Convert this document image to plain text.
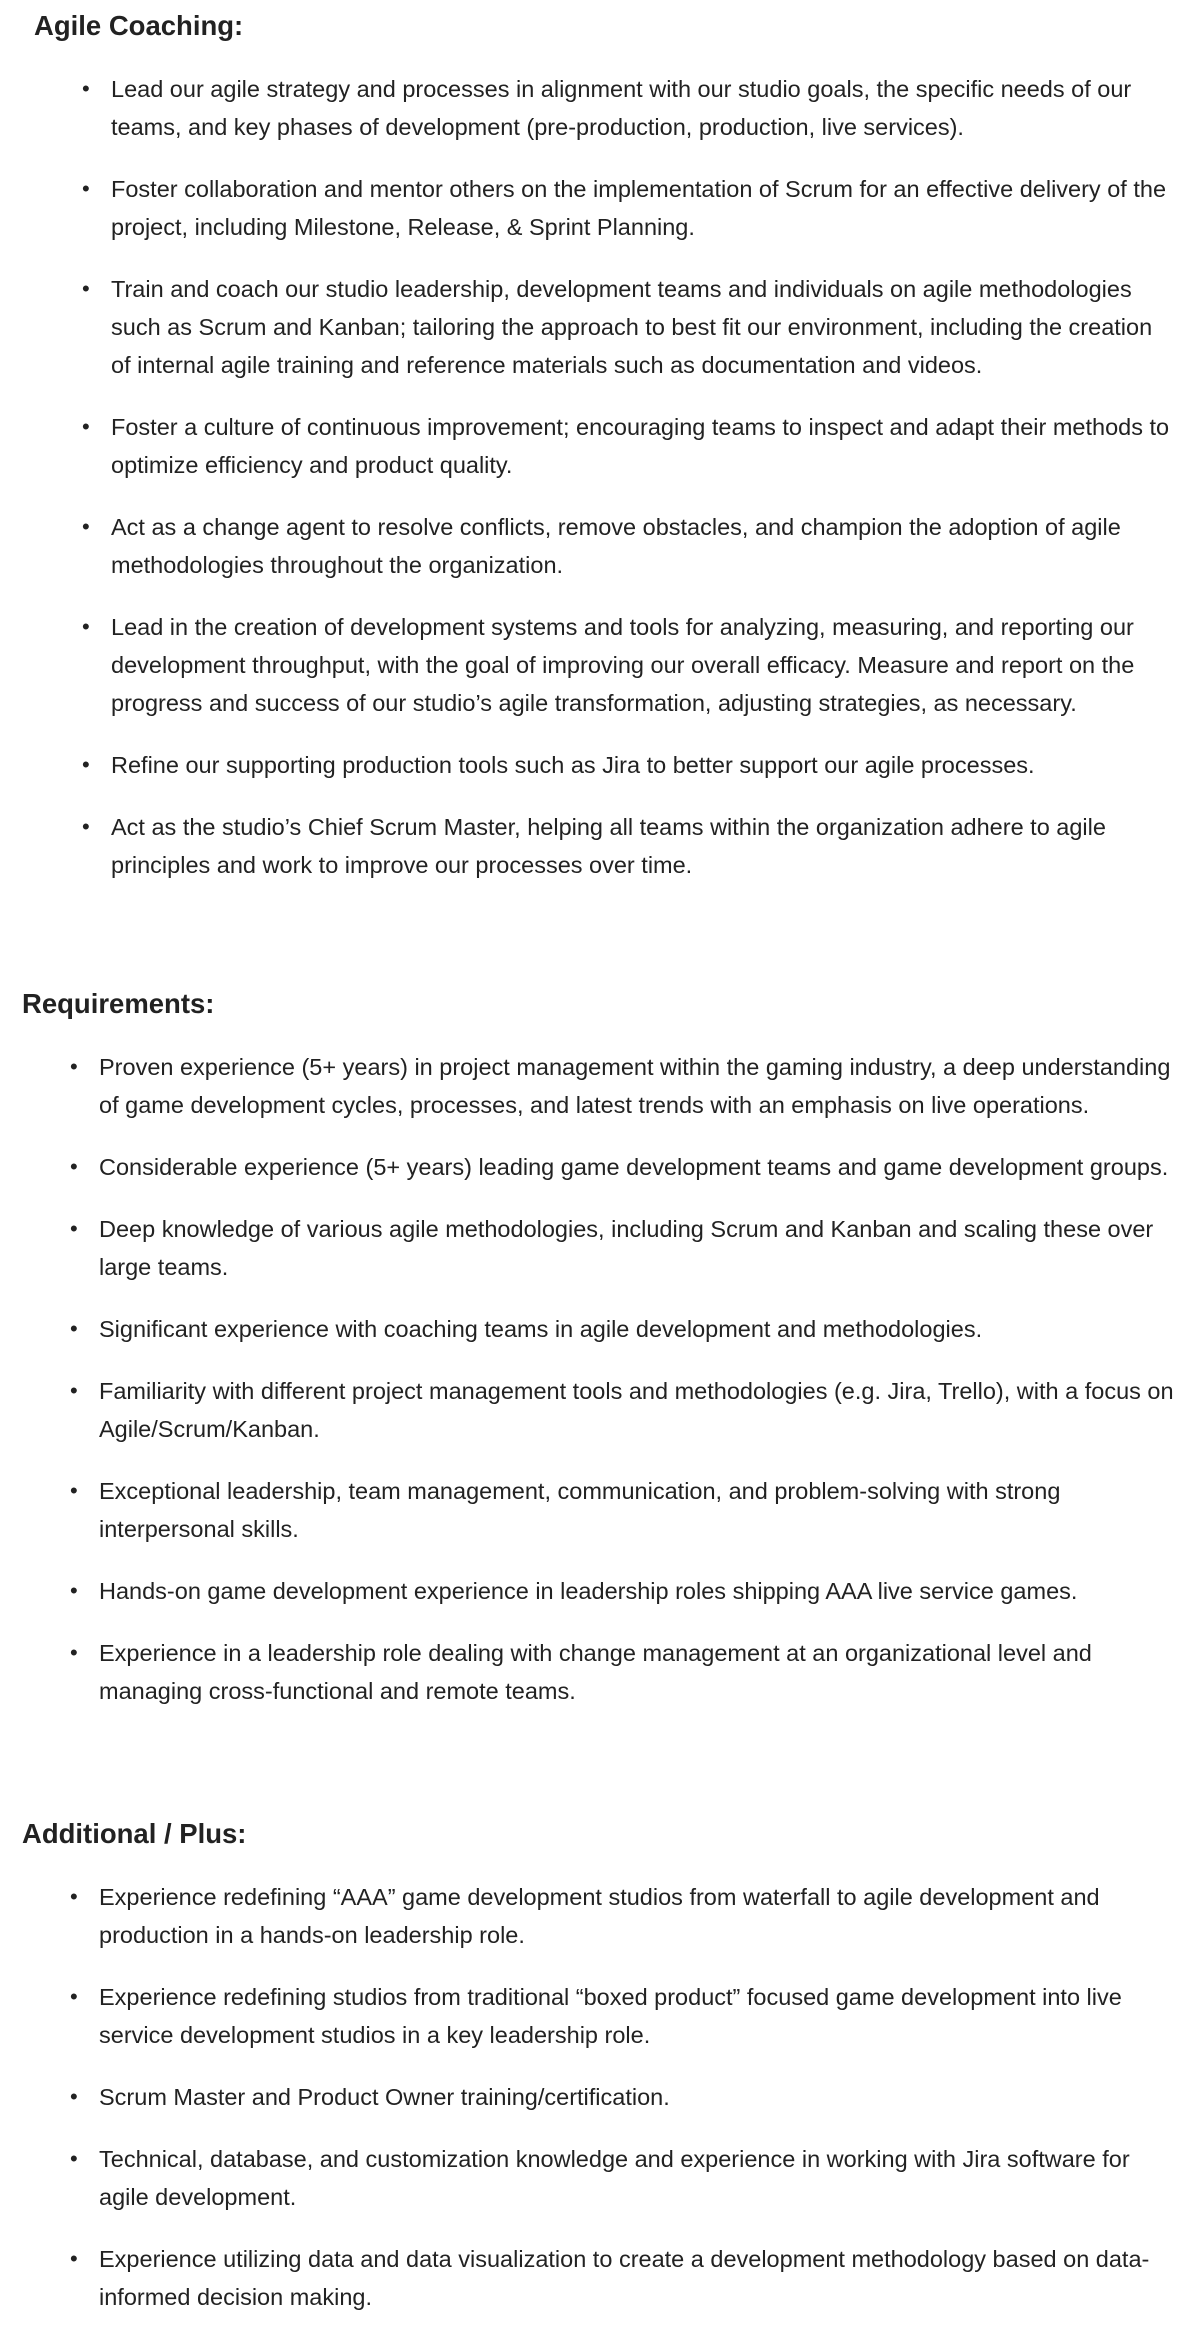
Agile Coaching:
• Lead our agile strategy and processes in alignment with our studio goals, the specific needs of our teams, and key phases of development (pre-production, production, live services).
• Foster collaboration and mentor others on the implementation of Scrum for an effective delivery of the project, including Milestone, Release, & Sprint Planning.
• Train and coach our studio leadership, development teams and individuals on agile methodologies such as Scrum and Kanban; tailoring the approach to best fit our environment, including the creation of internal agile training and reference materials such as documentation and videos.
• Foster a culture of continuous improvement; encouraging teams to inspect and adapt their methods to optimize efficiency and product quality.
• Act as a change agent to resolve conflicts, remove obstacles, and champion the adoption of agile methodologies throughout the organization.
• Lead in the creation of development systems and tools for analyzing, measuring, and reporting our development throughput, with the goal of improving our overall efficacy. Measure and report on the progress and success of our studio’s agile transformation, adjusting strategies, as necessary.
• Refine our supporting production tools such as Jira to better support our agile processes.
• Act as the studio’s Chief Scrum Master, helping all teams within the organization adhere to agile principles and work to improve our processes over time.
Requirements:
• Proven experience (5+ years) in project management within the gaming industry, a deep understanding of game development cycles, processes, and latest trends with an emphasis on live operations.
• Considerable experience (5+ years) leading game development teams and game development groups.
• Deep knowledge of various agile methodologies, including Scrum and Kanban and scaling these over large teams.
• Significant experience with coaching teams in agile development and methodologies.
• Familiarity with different project management tools and methodologies (e.g. Jira, Trello), with a focus on Agile/Scrum/Kanban.
• Exceptional leadership, team management, communication, and problem-solving with strong interpersonal skills.
• Hands-on game development experience in leadership roles shipping AAA live service games.
• Experience in a leadership role dealing with change management at an organizational level and managing cross-functional and remote teams.
Additional / Plus:
• Experience redefining “AAA” game development studios from waterfall to agile development and production in a hands-on leadership role.
• Experience redefining studios from traditional “boxed product” focused game development into live service development studios in a key leadership role.
• Scrum Master and Product Owner training/certification.
• Technical, database, and customization knowledge and experience in working with Jira software for agile development.
• Experience utilizing data and data visualization to create a development methodology based on data-informed decision making.
